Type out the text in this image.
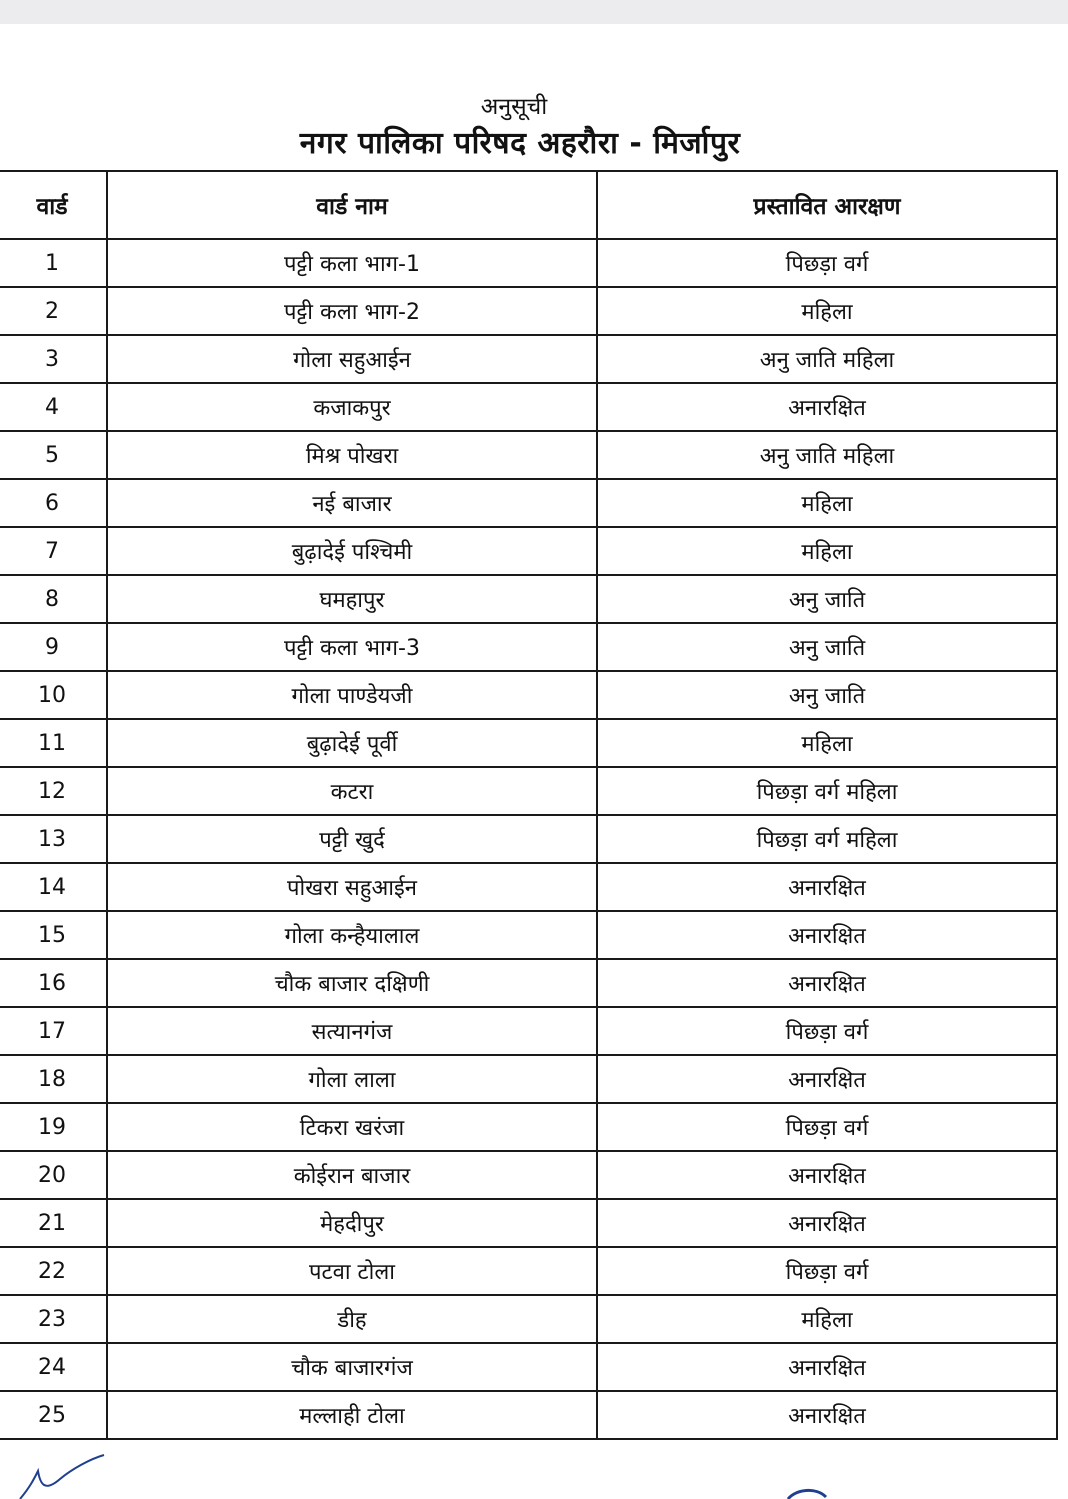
अनुसूची
नगर पालिका परिषद अहरौरा - मिर्जापुर
वार्ड	वार्ड नाम	प्रस्तावित आरक्षण
1	पट्टी कला भाग-1	पिछड़ा वर्ग
2	पट्टी कला भाग-2	महिला
3	गोला सहुआईन	अनु जाति महिला
4	कजाकपुर	अनारक्षित
5	मिश्र पोखरा	अनु जाति महिला
6	नई बाजार	महिला
7	बुढ़ादेई पश्चिमी	महिला
8	घमहापुर	अनु जाति
9	पट्टी कला भाग-3	अनु जाति
10	गोला पाण्डेयजी	अनु जाति
11	बुढ़ादेई पूर्वी	महिला
12	कटरा	पिछड़ा वर्ग महिला
13	पट्टी खुर्द	पिछड़ा वर्ग महिला
14	पोखरा सहुआईन	अनारक्षित
15	गोला कन्हैयालाल	अनारक्षित
16	चौक बाजार दक्षिणी	अनारक्षित
17	सत्यानगंज	पिछड़ा वर्ग
18	गोला लाला	अनारक्षित
19	टिकरा खरंजा	पिछड़ा वर्ग
20	कोईरान बाजार	अनारक्षित
21	मेहदीपुर	अनारक्षित
22	पटवा टोला	पिछड़ा वर्ग
23	डीह	महिला
24	चौक बाजारगंज	अनारक्षित
25	मल्लाही टोला	अनारक्षित
